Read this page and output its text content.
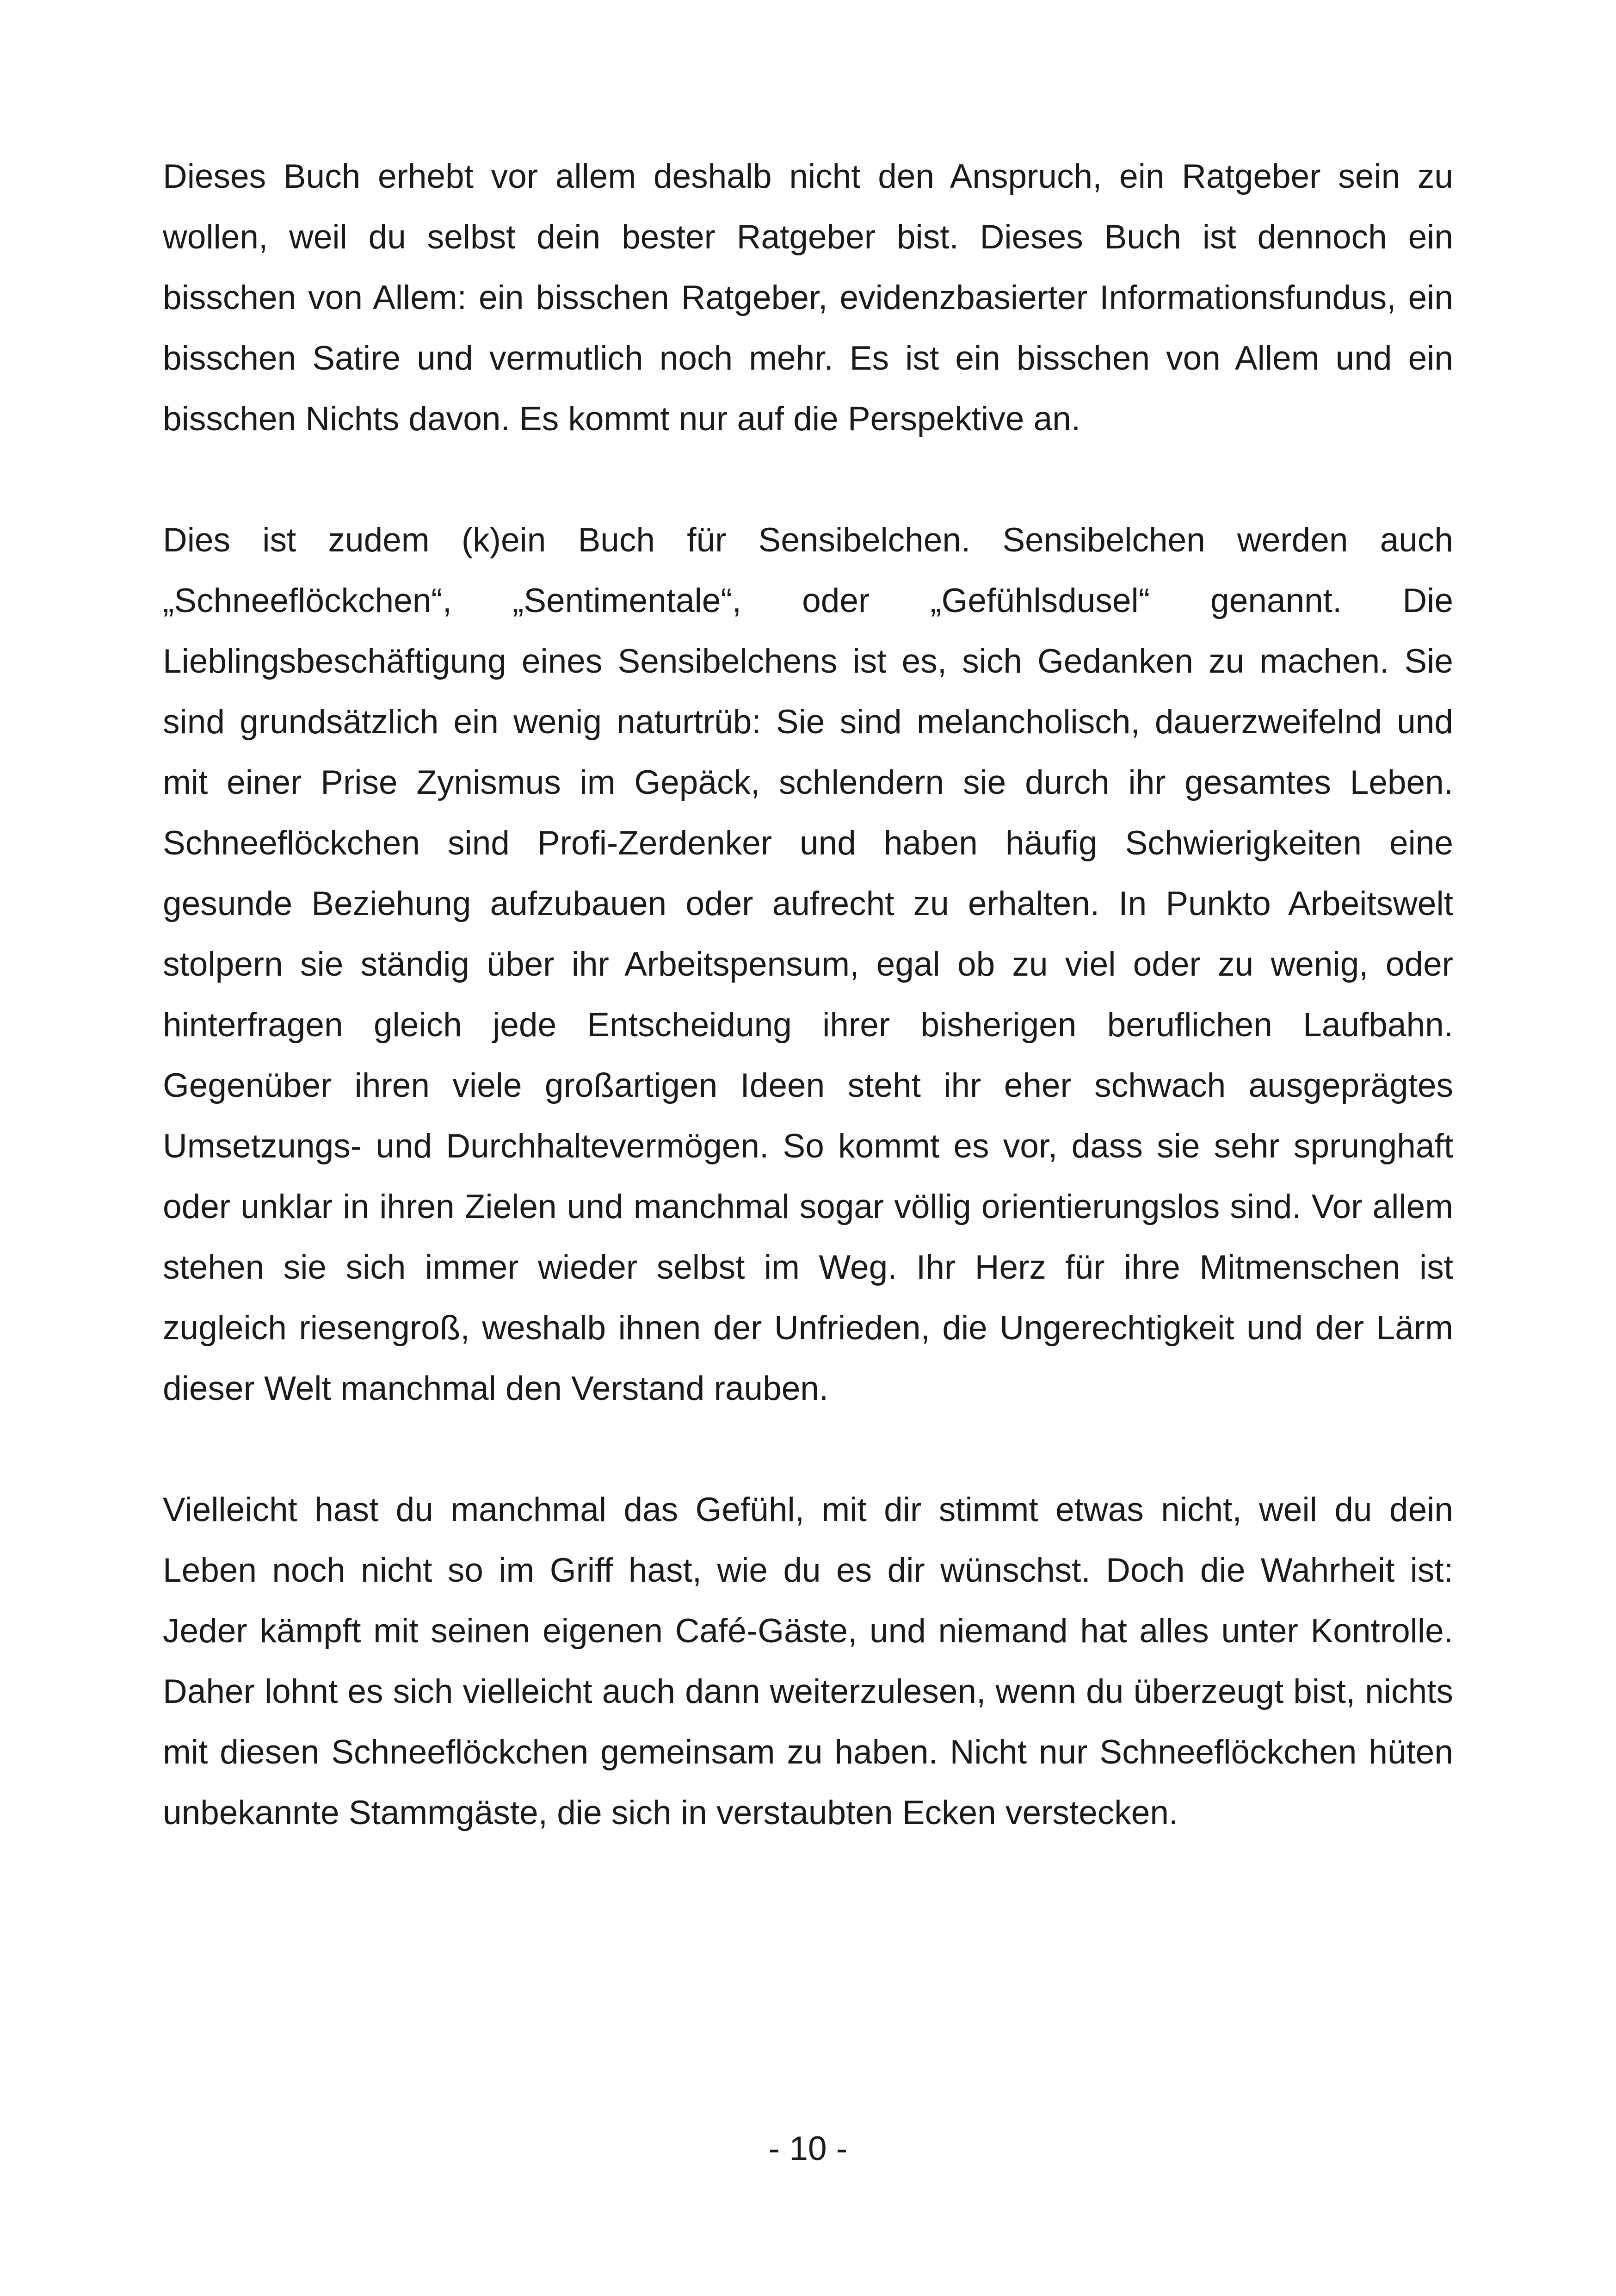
Dieses Buch erhebt vor allem deshalb nicht den Anspruch, ein Ratgeber sein zu wollen, weil du selbst dein bester Ratgeber bist. Dieses Buch ist dennoch ein bisschen von Allem: ein bisschen Ratgeber, evidenzbasierter Informationsfundus, ein bisschen Satire und vermutlich noch mehr. Es ist ein bisschen von Allem und ein bisschen Nichts davon. Es kommt nur auf die Perspektive an.

Dies ist zudem (k)ein Buch für Sensibelchen. Sensibelchen werden auch „Schneeflöckchen“, „Sentimentale“, oder „Gefühlsdusel“ genannt. Die Lieblingsbeschäftigung eines Sensibelchens ist es, sich Gedanken zu machen. Sie sind grundsätzlich ein wenig naturtrüb: Sie sind melancholisch, dauerzweifelnd und mit einer Prise Zynismus im Gepäck, schlendern sie durch ihr gesamtes Leben. Schneeflöckchen sind Profi-Zerdenker und haben häufig Schwierigkeiten eine gesunde Beziehung aufzubauen oder aufrecht zu erhalten. In Punkto Arbeitswelt stolpern sie ständig über ihr Arbeitspensum, egal ob zu viel oder zu wenig, oder hinterfragen gleich jede Entscheidung ihrer bisherigen beruflichen Laufbahn. Gegenüber ihren viele großartigen Ideen steht ihr eher schwach ausgeprägtes Umsetzungs- und Durchhaltevermögen. So kommt es vor, dass sie sehr sprunghaft oder unklar in ihren Zielen und manchmal sogar völlig orientierungslos sind. Vor allem stehen sie sich immer wieder selbst im Weg. Ihr Herz für ihre Mitmenschen ist zugleich riesengroß, weshalb ihnen der Unfrieden, die Ungerechtigkeit und der Lärm dieser Welt manchmal den Verstand rauben.

Vielleicht hast du manchmal das Gefühl, mit dir stimmt etwas nicht, weil du dein Leben noch nicht so im Griff hast, wie du es dir wünschst. Doch die Wahrheit ist: Jeder kämpft mit seinen eigenen Café-Gäste, und niemand hat alles unter Kontrolle. Daher lohnt es sich vielleicht auch dann weiterzulesen, wenn du überzeugt bist, nichts mit diesen Schneeflöckchen gemeinsam zu haben. Nicht nur Schneeflöckchen hüten unbekannte Stammgäste, die sich in verstaubten Ecken verstecken.

- 10 -
